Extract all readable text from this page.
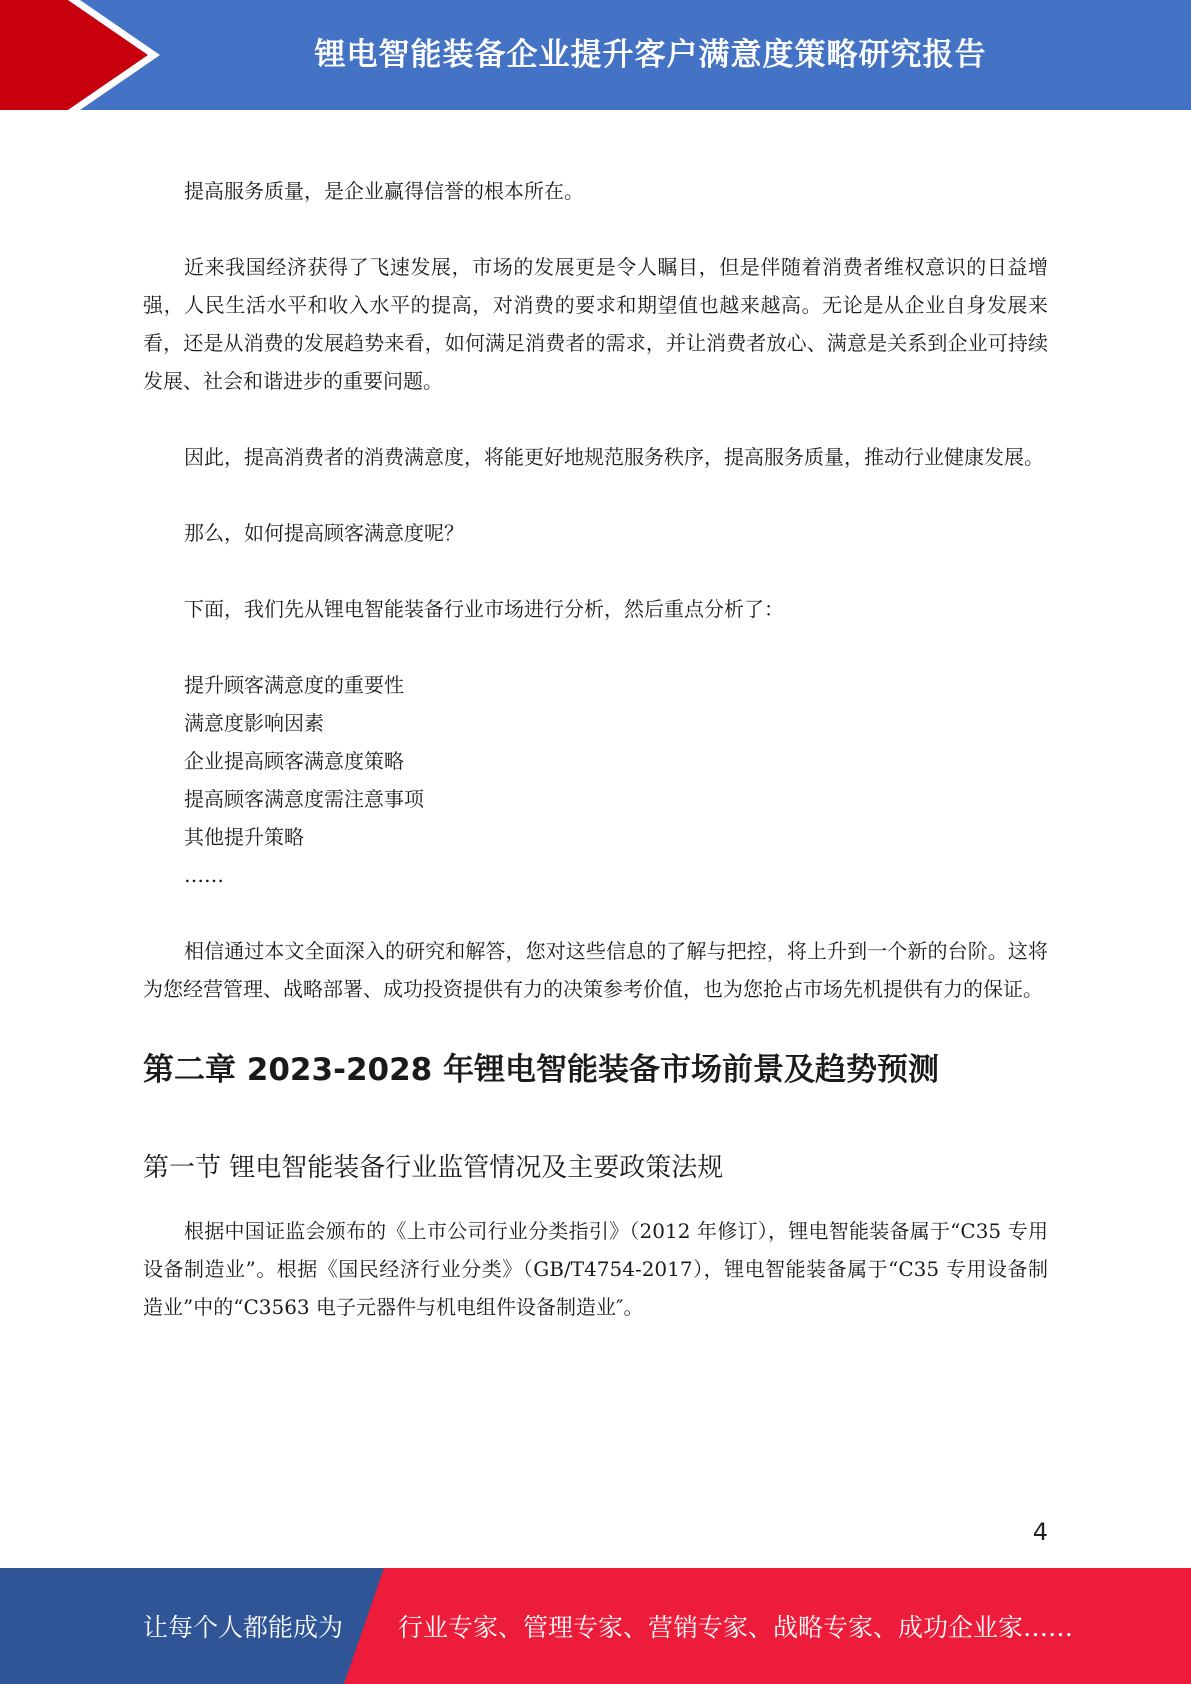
锂电智能装备企业提升客户满意度策略研究报告

提高服务质量，是企业赢得信誉的根本所在。

近来我国经济获得了飞速发展，市场的发展更是令人瞩目，但是伴随着消费者维权意识的日益增强，人民生活水平和收入水平的提高，对消费的要求和期望值也越来越高。无论是从企业自身发展来看，还是从消费的发展趋势来看，如何满足消费者的需求，并让消费者放心、满意是关系到企业可持续发展、社会和谐进步的重要问题。

因此，提高消费者的消费满意度，将能更好地规范服务秩序，提高服务质量，推动行业健康发展。

那么，如何提高顾客满意度呢？

下面，我们先从锂电智能装备行业市场进行分析，然后重点分析了：

提升顾客满意度的重要性
满意度影响因素
企业提高顾客满意度策略
提高顾客满意度需注意事项
其他提升策略
……

相信通过本文全面深入的研究和解答，您对这些信息的了解与把控，将上升到一个新的台阶。这将为您经营管理、战略部署、成功投资提供有力的决策参考价值，也为您抢占市场先机提供有力的保证。

第二章 2023-2028 年锂电智能装备市场前景及趋势预测
第一节 锂电智能装备行业监管情况及主要政策法规

根据中国证监会颁布的《上市公司行业分类指引》（2012 年修订），锂电智能装备属于“C35 专用设备制造业”。根据《国民经济行业分类》（GB/T4754-2017），锂电智能装备属于“C35 专用设备制造业”中的“C3563 电子元器件与机电组件设备制造业″。

4
让每个人都能成为 行业专家、管理专家、营销专家、战略专家、成功企业家……
